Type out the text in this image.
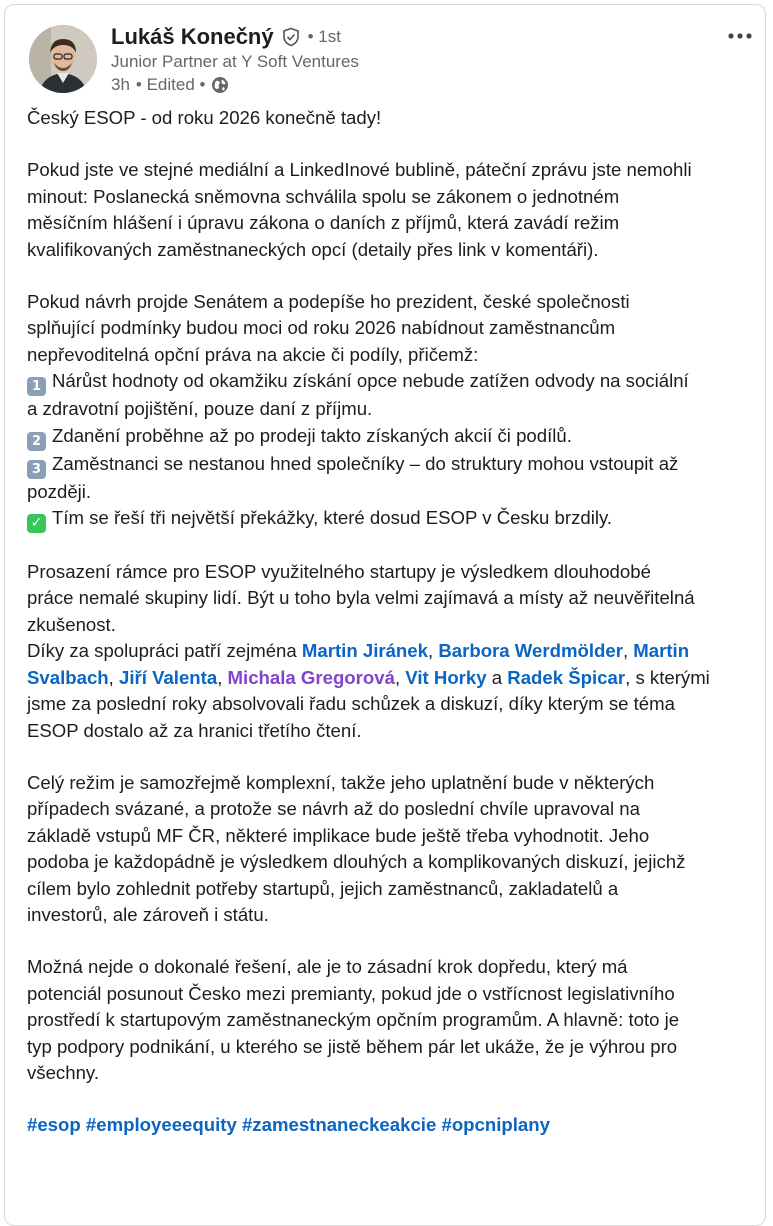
Lukáš Konečný • 1st
Junior Partner at Y Soft Ventures
3h • Edited •

Český ESOP - od roku 2026 konečně tady!

Pokud jste ve stejné mediální a LinkedInové bublině, páteční zprávu jste nemohli
minout: Poslanecká sněmovna schválila spolu se zákonem o jednotném
měsíčním hlášení i úpravu zákona o daních z příjmů, která zavádí režim
kvalifikovaných zaměstnaneckých opcí (detaily přes link v komentáři).

Pokud návrh projde Senátem a podepíše ho prezident, české společnosti
splňující podmínky budou moci od roku 2026 nabídnout zaměstnancům
nepřevoditelná opční práva na akcie či podíly, přičemž:
1 Nárůst hodnoty od okamžiku získání opce nebude zatížen odvody na sociální
a zdravotní pojištění, pouze daní z příjmu.
2 Zdanění proběhne až po prodeji takto získaných akcií či podílů.
3 Zaměstnanci se nestanou hned společníky – do struktury mohou vstoupit až
později.
✓ Tím se řeší tři největší překážky, které dosud ESOP v Česku brzdily.

Prosazení rámce pro ESOP využitelného startupy je výsledkem dlouhodobé
práce nemalé skupiny lidí. Být u toho byla velmi zajímavá a místy až neuvěřitelná
zkušenost.
Díky za spolupráci patří zejména Martin Jiránek, Barbora Werdmölder, Martin
Svalbach, Jiří Valenta, Michala Gregorová, Vit Horky a Radek Špicar, s kterými
jsme za poslední roky absolvovali řadu schůzek a diskuzí, díky kterým se téma
ESOP dostalo až za hranici třetího čtení.

Celý režim je samozřejmě komplexní, takže jeho uplatnění bude v některých
případech svázané, a protože se návrh až do poslední chvíle upravoval na
základě vstupů MF ČR, některé implikace bude ještě třeba vyhodnotit. Jeho
podoba je každopádně je výsledkem dlouhých a komplikovaných diskuzí, jejichž
cílem bylo zohlednit potřeby startupů, jejich zaměstnanců, zakladatelů a
investorů, ale zároveň i státu.

Možná nejde o dokonalé řešení, ale je to zásadní krok dopředu, který má
potenciál posunout Česko mezi premianty, pokud jde o vstřícnost legislativního
prostředí k startupovým zaměstnaneckým opčním programům. A hlavně: toto je
typ podpory podnikání, u kterého se jistě během pár let ukáže, že je výhrou pro
všechny.

#esop #employeeequity #zamestnaneckeakcie #opcniplany
